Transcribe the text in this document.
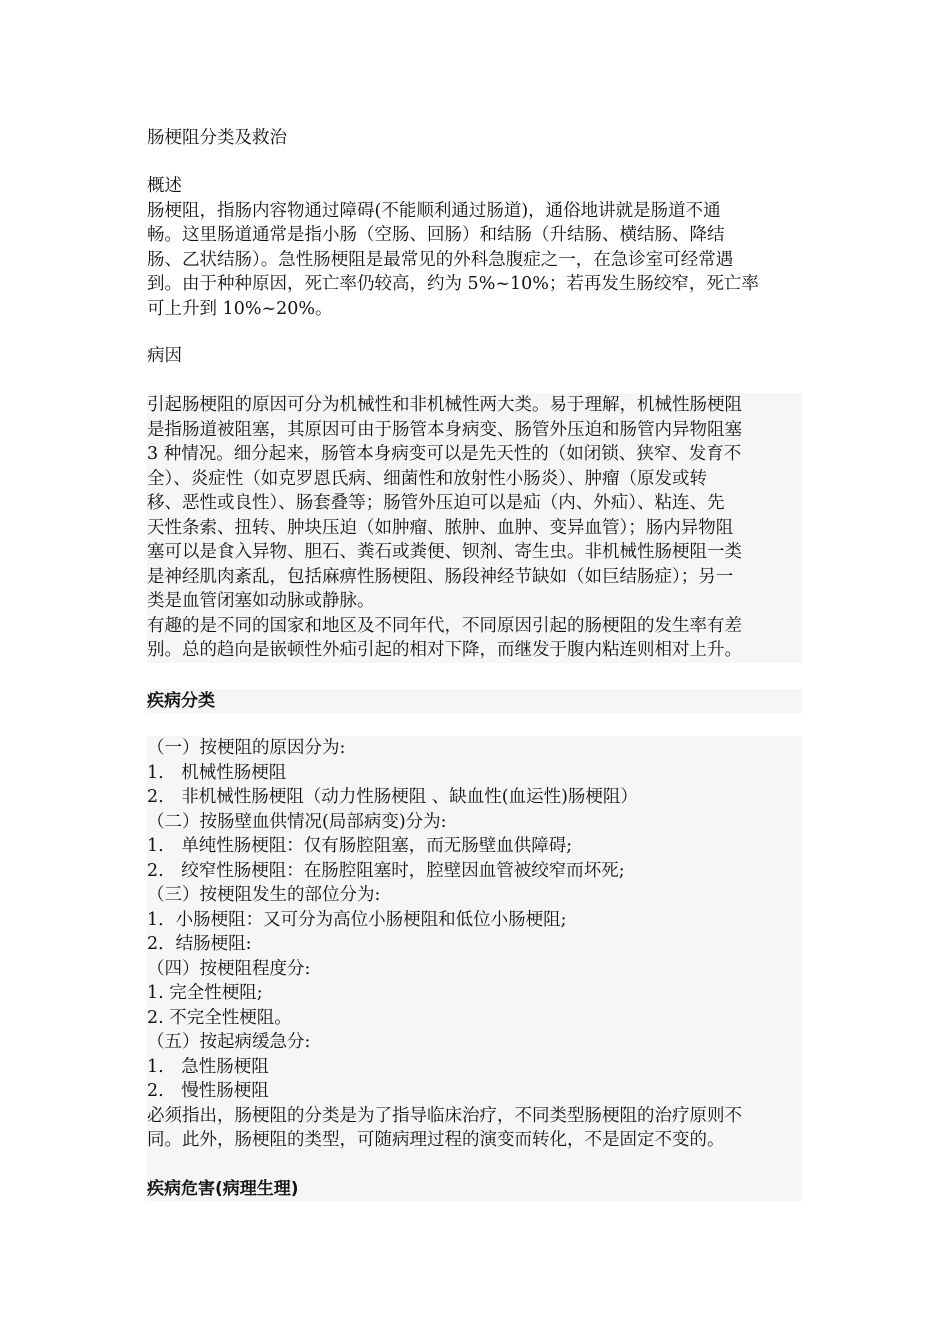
肠梗阻分类及救治
概述
肠梗阻，指肠内容物通过障碍(不能顺利通过肠道)，通俗地讲就是肠道不通
畅。这里肠道通常是指小肠（空肠、回肠）和结肠（升结肠、横结肠、降结
肠、乙状结肠）。急性肠梗阻是最常见的外科急腹症之一，在急诊室可经常遇
到。由于种种原因，死亡率仍较高，约为 5%~10%；若再发生肠绞窄，死亡率
可上升到 10%~20%。
病因
引起肠梗阻的原因可分为机械性和非机械性两大类。易于理解，机械性肠梗阻
是指肠道被阻塞，其原因可由于肠管本身病变、肠管外压迫和肠管内异物阻塞
3 种情况。细分起来，肠管本身病变可以是先天性的（如闭锁、狭窄、发育不
全）、炎症性（如克罗恩氏病、细菌性和放射性小肠炎）、肿瘤（原发或转
移、恶性或良性）、肠套叠等；肠管外压迫可以是疝（内、外疝）、粘连、先
天性条索、扭转、肿块压迫（如肿瘤、脓肿、血肿、变异血管）；肠内异物阻
塞可以是食入异物、胆石、粪石或粪便、钡剂、寄生虫。非机械性肠梗阻一类
是神经肌肉紊乱，包括麻痹性肠梗阻、肠段神经节缺如（如巨结肠症）；另一
类是血管闭塞如动脉或静脉。
有趣的是不同的国家和地区及不同年代，不同原因引起的肠梗阻的发生率有差
别。总的趋向是嵌顿性外疝引起的相对下降，而继发于腹内粘连则相对上升。
疾病分类
（一）按梗阻的原因分为:
1.　机械性肠梗阻
2.　非机械性肠梗阻（动力性肠梗阻 、缺血性(血运性)肠梗阻）
（二）按肠壁血供情况(局部病变)分为:
1.　单纯性肠梗阻：仅有肠腔阻塞，而无肠壁血供障碍;
2.　绞窄性肠梗阻：在肠腔阻塞时，腔壁因血管被绞窄而坏死;
（三）按梗阻发生的部位分为:
1．小肠梗阻：又可分为高位小肠梗阻和低位小肠梗阻;
2．结肠梗阻:
（四）按梗阻程度分:
1. 完全性梗阻;
2. 不完全性梗阻。
（五）按起病缓急分:
1.　急性肠梗阻
2.　慢性肠梗阻
必须指出，肠梗阻的分类是为了指导临床治疗，不同类型肠梗阻的治疗原则不
同。此外，肠梗阻的类型，可随病理过程的演变而转化，不是固定不变的。
疾病危害(病理生理)
